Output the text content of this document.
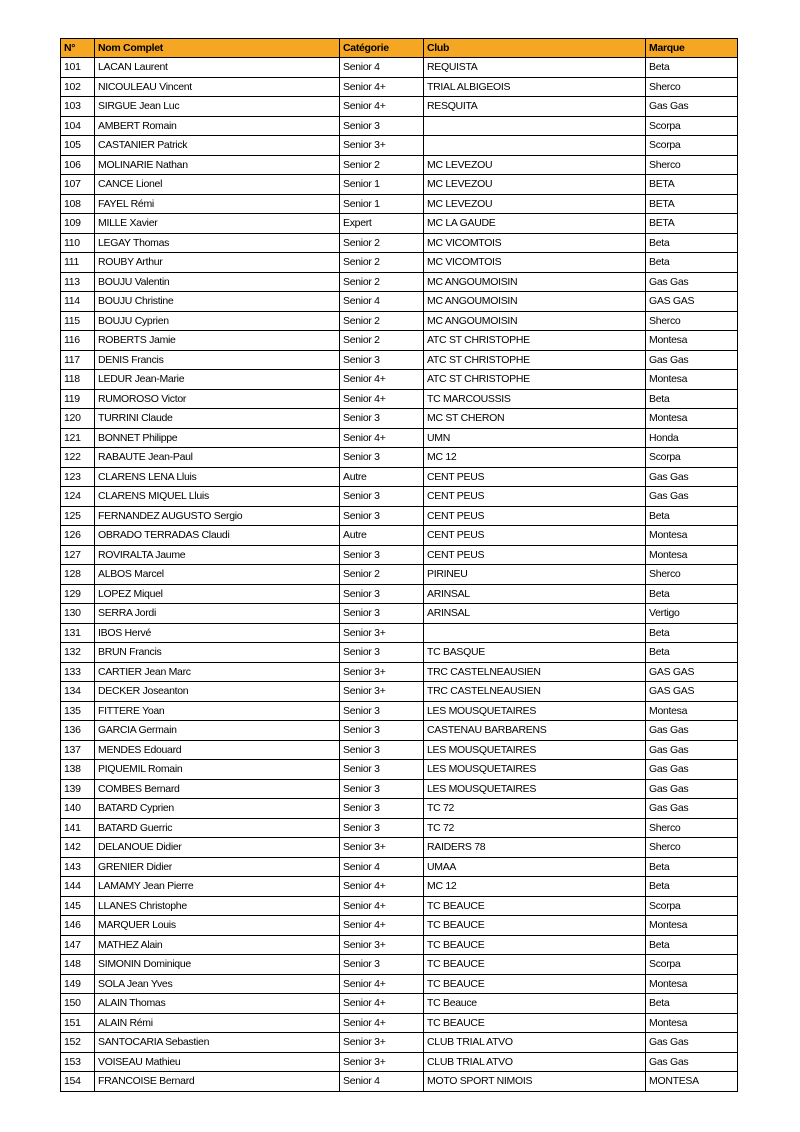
N°	Nom Complet	Catégorie	Club	Marque
101	LACAN Laurent	Senior 4	REQUISTA	Beta
102	NICOULEAU Vincent	Senior 4+	TRIAL ALBIGEOIS	Sherco
103	SIRGUE Jean Luc	Senior 4+	RESQUITA	Gas Gas
104	AMBERT Romain	Senior 3		Scorpa
105	CASTANIER Patrick	Senior 3+		Scorpa
106	MOLINARIE Nathan	Senior 2	MC LEVEZOU	Sherco
107	CANCE Lionel	Senior 1	MC LEVEZOU	BETA
108	FAYEL Rémi	Senior 1	MC LEVEZOU	BETA
109	MILLE Xavier	Expert	MC LA GAUDE	BETA
110	LEGAY Thomas	Senior 2	MC VICOMTOIS	Beta
111	ROUBY Arthur	Senior 2	MC VICOMTOIS	Beta
113	BOUJU Valentin	Senior 2	MC ANGOUMOISIN	Gas Gas
114	BOUJU Christine	Senior 4	MC ANGOUMOISIN	GAS GAS
115	BOUJU Cyprien	Senior 2	MC ANGOUMOISIN	Sherco
116	ROBERTS Jamie	Senior 2	ATC ST CHRISTOPHE	Montesa
117	DENIS Francis	Senior 3	ATC ST CHRISTOPHE	Gas Gas
118	LEDUR Jean-Marie	Senior 4+	ATC ST CHRISTOPHE	Montesa
119	RUMOROSO Victor	Senior 4+	TC MARCOUSSIS	Beta
120	TURRINI Claude	Senior 3	MC ST CHERON	Montesa
121	BONNET Philippe	Senior 4+	UMN	Honda
122	RABAUTE Jean-Paul	Senior 3	MC 12	Scorpa
123	CLARENS LENA Lluis	Autre	CENT PEUS	Gas Gas
124	CLARENS MIQUEL Lluis	Senior 3	CENT PEUS	Gas Gas
125	FERNANDEZ AUGUSTO Sergio	Senior 3	CENT PEUS	Beta
126	OBRADO TERRADAS Claudi	Autre	CENT PEUS	Montesa
127	ROVIRALTA Jaume	Senior 3	CENT PEUS	Montesa
128	ALBOS Marcel	Senior 2	PIRINEU	Sherco
129	LOPEZ Miquel	Senior 3	ARINSAL	Beta
130	SERRA Jordi	Senior 3	ARINSAL	Vertigo
131	IBOS Hervé	Senior 3+		Beta
132	BRUN Francis	Senior 3	TC BASQUE	Beta
133	CARTIER Jean Marc	Senior 3+	TRC CASTELNEAUSIEN	GAS GAS
134	DECKER Joseanton	Senior 3+	TRC CASTELNEAUSIEN	GAS GAS
135	FITTERE Yoan	Senior 3	LES MOUSQUETAIRES	Montesa
136	GARCIA Germain	Senior 3	CASTENAU BARBARENS	Gas Gas
137	MENDES Edouard	Senior 3	LES MOUSQUETAIRES	Gas Gas
138	PIQUEMIL Romain	Senior 3	LES MOUSQUETAIRES	Gas Gas
139	COMBES Bernard	Senior 3	LES MOUSQUETAIRES	Gas Gas
140	BATARD Cyprien	Senior 3	TC 72	Gas Gas
141	BATARD Guerric	Senior 3	TC 72	Sherco
142	DELANOUE Didier	Senior 3+	RAIDERS 78	Sherco
143	GRENIER Didier	Senior 4	UMAA	Beta
144	LAMAMY Jean Pierre	Senior 4+	MC 12	Beta
145	LLANES Christophe	Senior 4+	TC BEAUCE	Scorpa
146	MARQUER Louis	Senior 4+	TC BEAUCE	Montesa
147	MATHEZ Alain	Senior 3+	TC BEAUCE	Beta
148	SIMONIN Dominique	Senior 3	TC BEAUCE	Scorpa
149	SOLA Jean Yves	Senior 4+	TC BEAUCE	Montesa
150	ALAIN Thomas	Senior 4+	TC Beauce	Beta
151	ALAIN Rémi	Senior 4+	TC BEAUCE	Montesa
152	SANTOCARIA Sebastien	Senior 3+	CLUB TRIAL ATVO	Gas Gas
153	VOISEAU Mathieu	Senior 3+	CLUB TRIAL ATVO	Gas Gas
154	FRANCOISE Bernard	Senior 4	MOTO SPORT NIMOIS	MONTESA
